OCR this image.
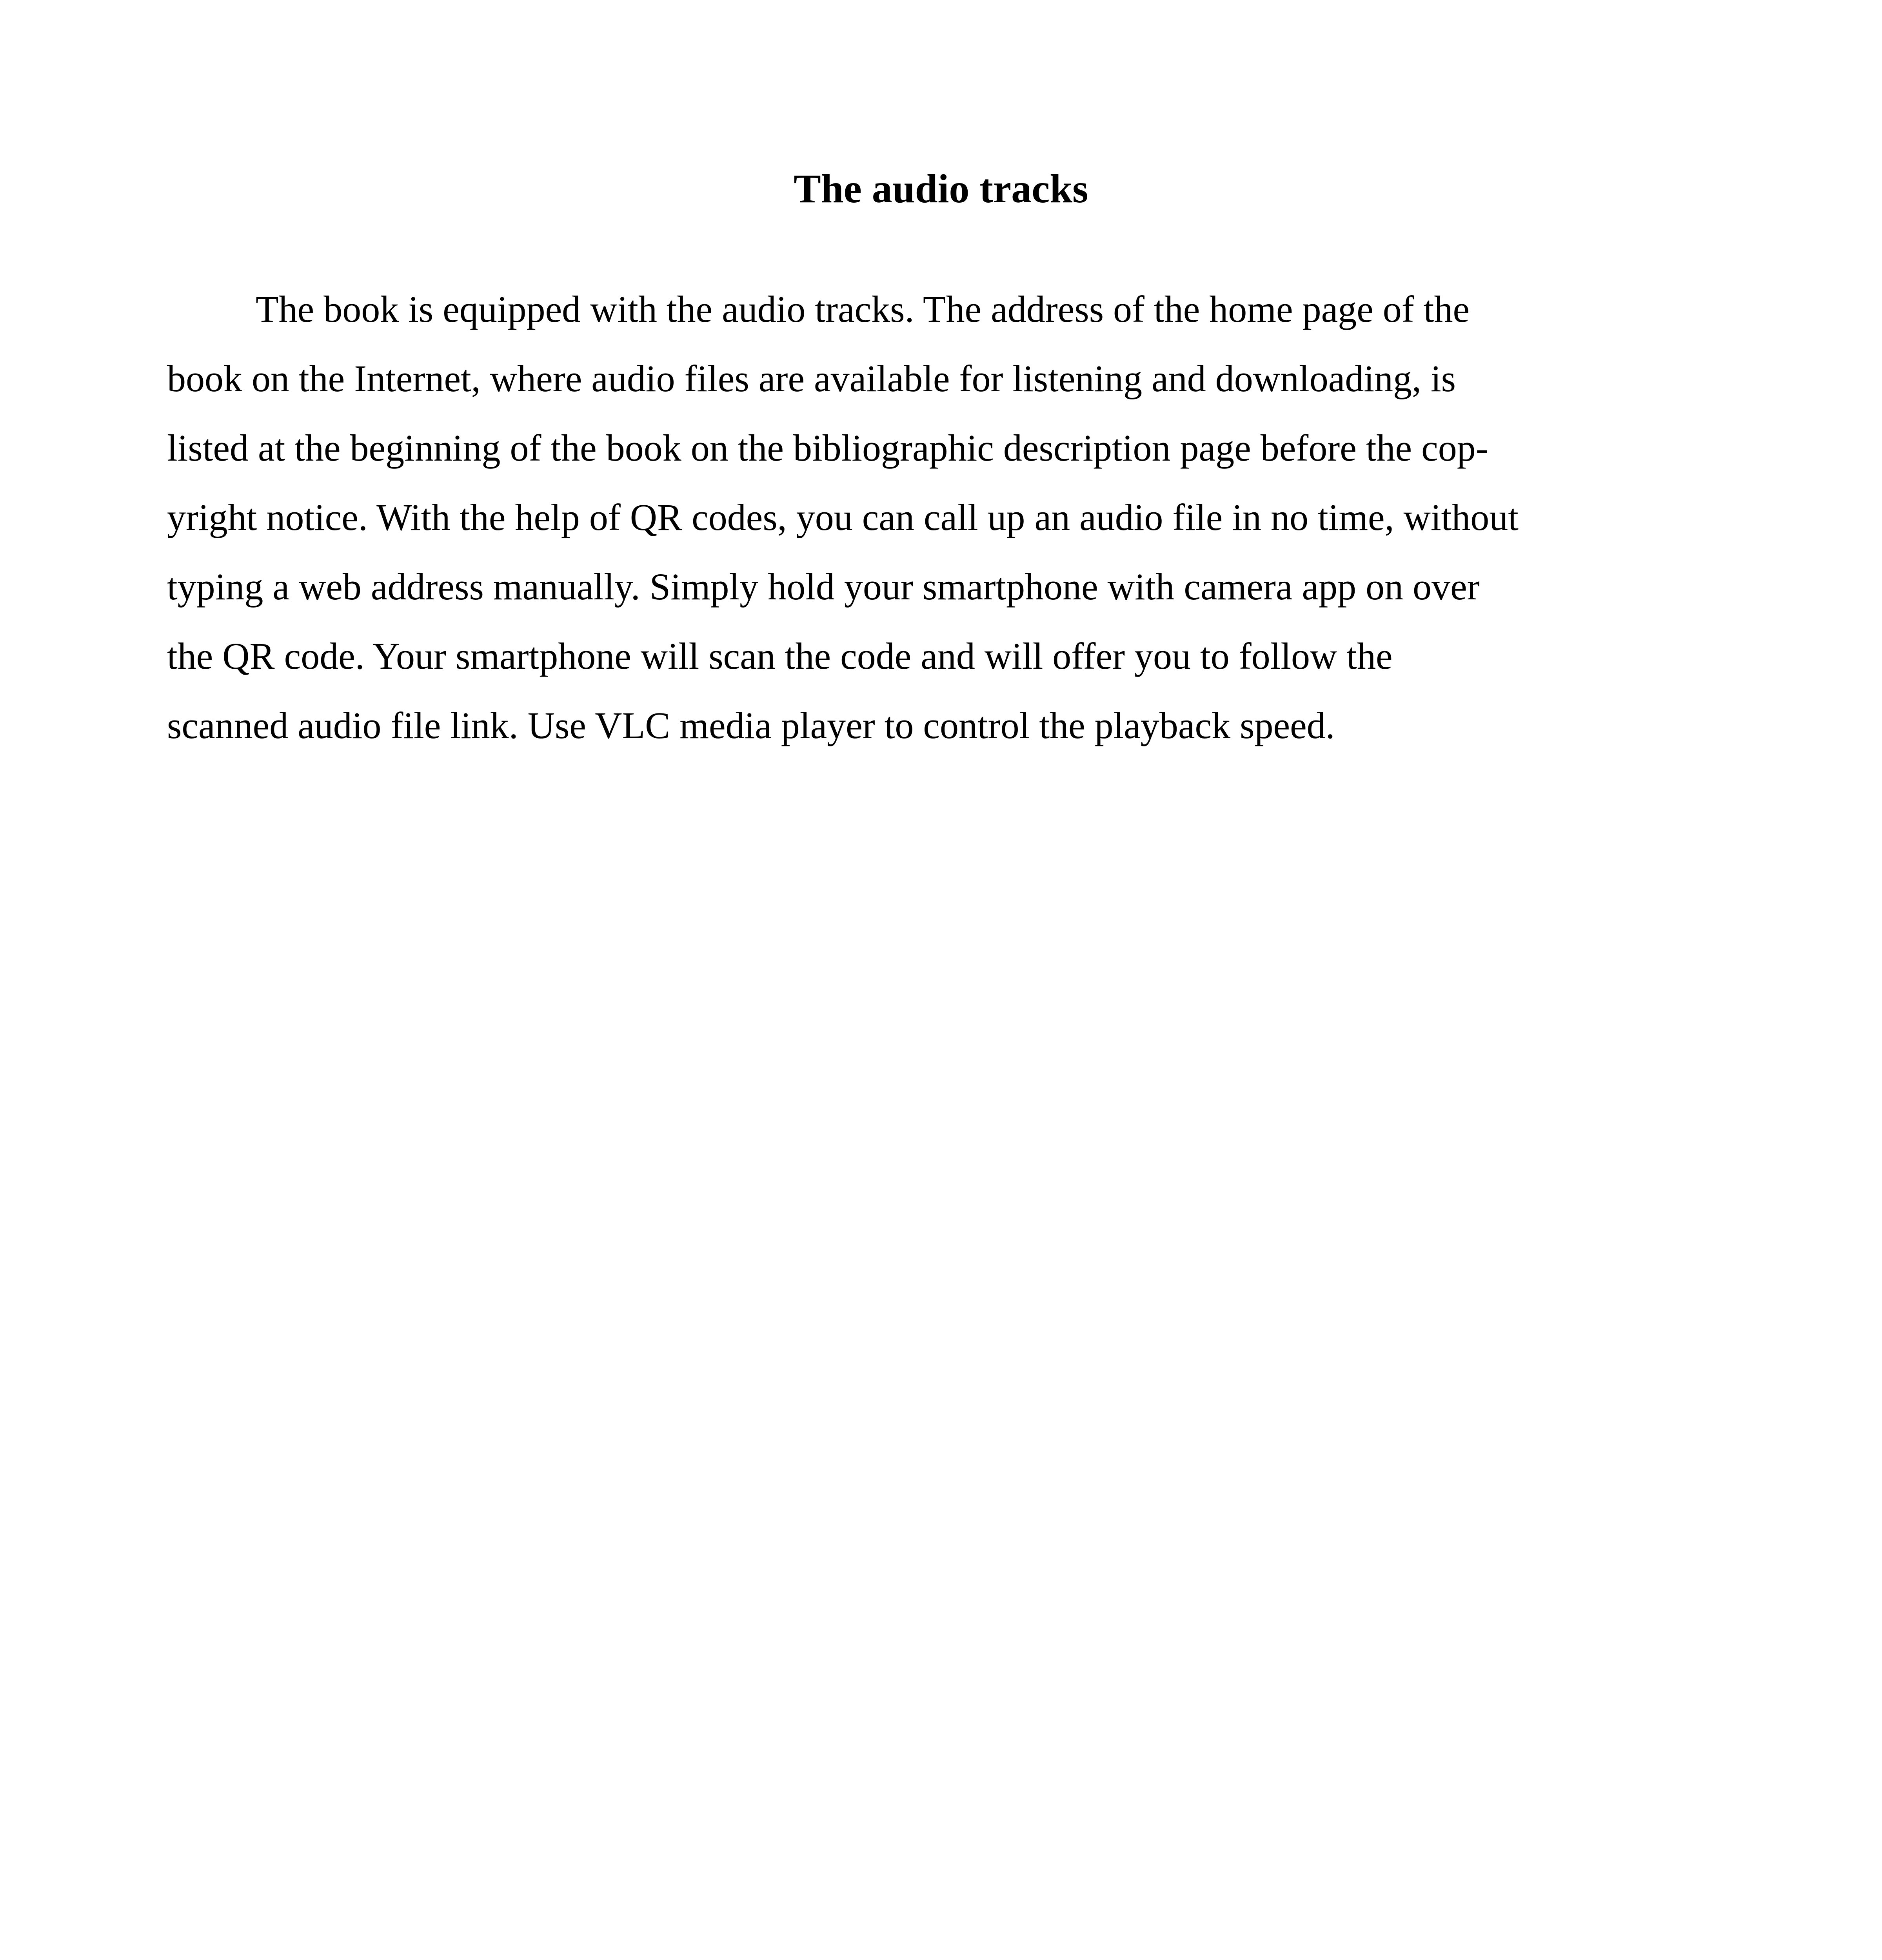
The audio tracks

The book is equipped with the audio tracks. The address of the home page of the
book on the Internet, where audio files are available for listening and downloading, is
listed at the beginning of the book on the bibliographic description page before the cop-
yright notice. With the help of QR codes, you can call up an audio file in no time, without
typing a web address manually. Simply hold your smartphone with camera app on over
the QR code. Your smartphone will scan the code and will offer you to follow the
scanned audio file link. Use VLC media player to control the playback speed.
